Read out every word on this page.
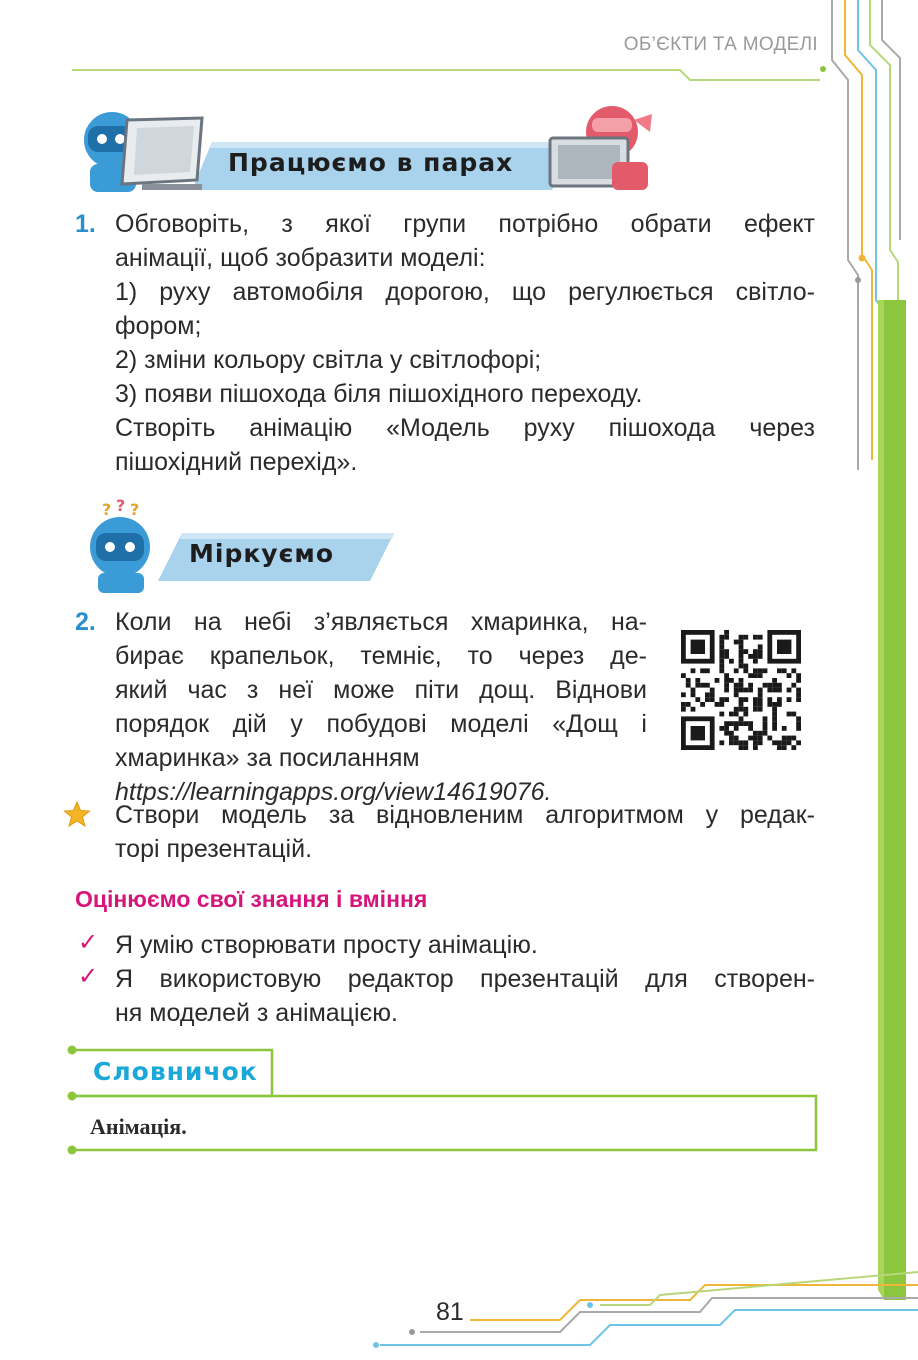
ОБ’ЄКТИ ТА МОДЕЛІ
Працюємо в парах
1. Обговоріть, з якої групи потрібно обрати ефект
анімації, щоб зобразити моделі:
1) руху автомобіля дорогою, що регулюється світло-
фором;
2) зміни кольору світла у світлофорі;
3) появи пішохода біля пішохідного переходу.
Створіть анімацію «Модель руху пішохода через
пішохідний перехід».
? ? ?
Міркуємо
2. Коли на небі з’являється хмаринка, на-
бирає крапельок, темніє, то через де-
який час з неї може піти дощ. Віднови
порядок дій у побудові моделі «Дощ і
хмаринка» за посиланням
https://learningapps.org/view14619076.
Створи модель за відновленим алгоритмом у редак-
торі презентацій.
Оцінюємо свої знання і вміння
✓ Я умію створювати просту анімацію.
✓ Я використовую редактор презентацій для створен-
ня моделей з анімацією.
Словничок
Анімація.
81
